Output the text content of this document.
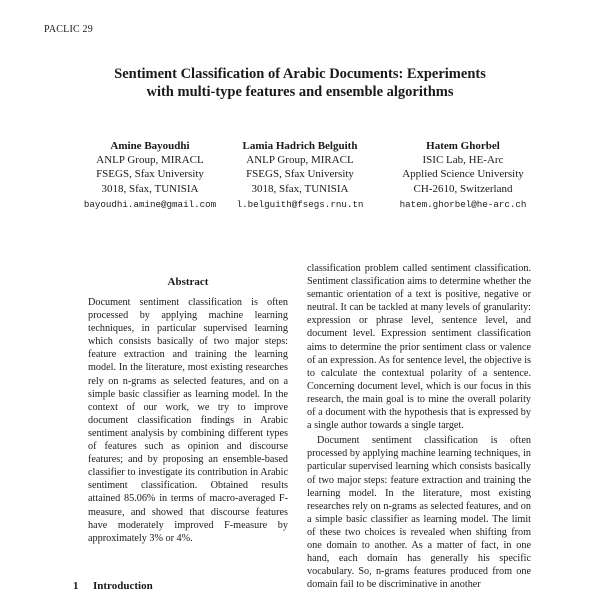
PACLIC 29
Sentiment Classification of Arabic Documents: Experiments
with multi-type features and ensemble algorithms
Amine Bayoudhi
ANLP Group, MIRACL
FSEGS, Sfax University
3018, Sfax, TUNISIA
bayoudhi.amine@gmail.com
Lamia Hadrich Belguith
ANLP Group, MIRACL
FSEGS, Sfax University
3018, Sfax, TUNISIA
l.belguith@fsegs.rnu.tn
Hatem Ghorbel
ISIC Lab, HE-Arc
Applied Science University
CH-2610, Switzerland
hatem.ghorbel@he-arc.ch
Abstract
Document sentiment classification is often processed by applying machine learning techniques, in particular supervised learning which consists basically of two major steps: feature extraction and training the learning model. In the literature, most existing researches rely on n-grams as selected features, and on a simple basic classifier as learning model. In the context of our work, we try to improve document classification findings in Arabic sentiment analysis by combining different types of features such as opinion and discourse features; and by proposing an ensemble-based classifier to investigate its contribution in Arabic sentiment classification. Obtained results attained 85.06% in terms of macro-averaged F-measure, and showed that discourse features have moderately improved F-measure by approximately 3% or 4%.
1 Introduction

classification problem called sentiment classification. Sentiment classification aims to determine whether the semantic orientation of a text is positive, negative or neutral. It can be tackled at many levels of granularity: expression or phrase level, sentence level, and document level. Expression sentiment classification aims to determine the prior sentiment class or valence of an expression. As for sentence level, the objective is to calculate the contextual polarity of a sentence. Concerning document level, which is our focus in this research, the main goal is to mine the overall polarity of a document with the hypothesis that is expressed by a single author towards a single target.

Document sentiment classification is often processed by applying machine learning techniques, in particular supervised learning which consists basically of two major steps: feature extraction and training the learning model. In the literature, most existing researches rely on n-grams as selected features, and on a simple basic classifier as learning model. The limit of these two choices is revealed when shifting from one domain to another. As a matter of fact, in one hand, each domain has generally his specific vocabulary. So, n-grams features produced from one domain fail to be discriminative in another
